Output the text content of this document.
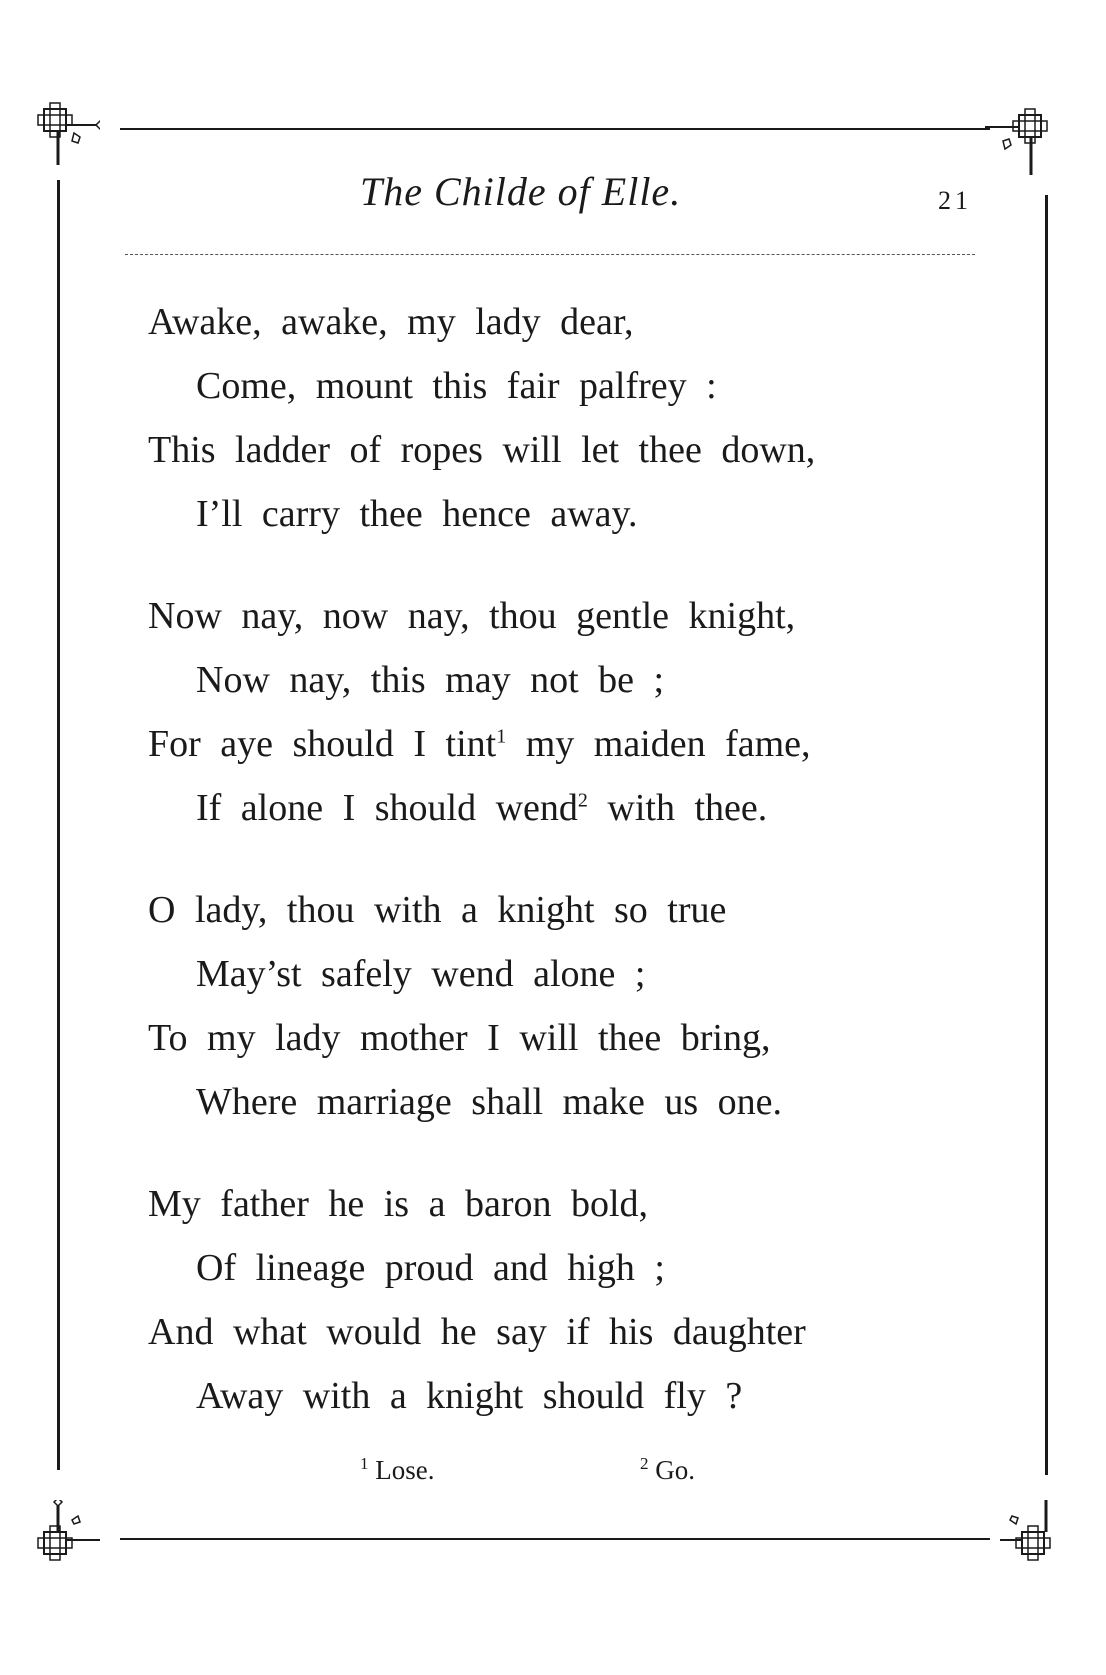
The Childe of Elle.	21
Awake, awake, my lady dear,
Come, mount this fair palfrey :
This ladder of ropes will let thee down,
I’ll carry thee hence away.
Now nay, now nay, thou gentle knight,
Now nay, this may not be ;
For aye should I tint$^1$ my maiden fame,
If alone I should wend$^2$ with thee.
O lady, thou with a knight so true
May’st safely wend alone ;
To my lady mother I will thee bring,
Where marriage shall make us one.
My father he is a baron bold,
Of lineage proud and high ;
And what would he say if his daughter
Away with a knight should fly ?
$^1$ Lose.	$^2$ Go.
